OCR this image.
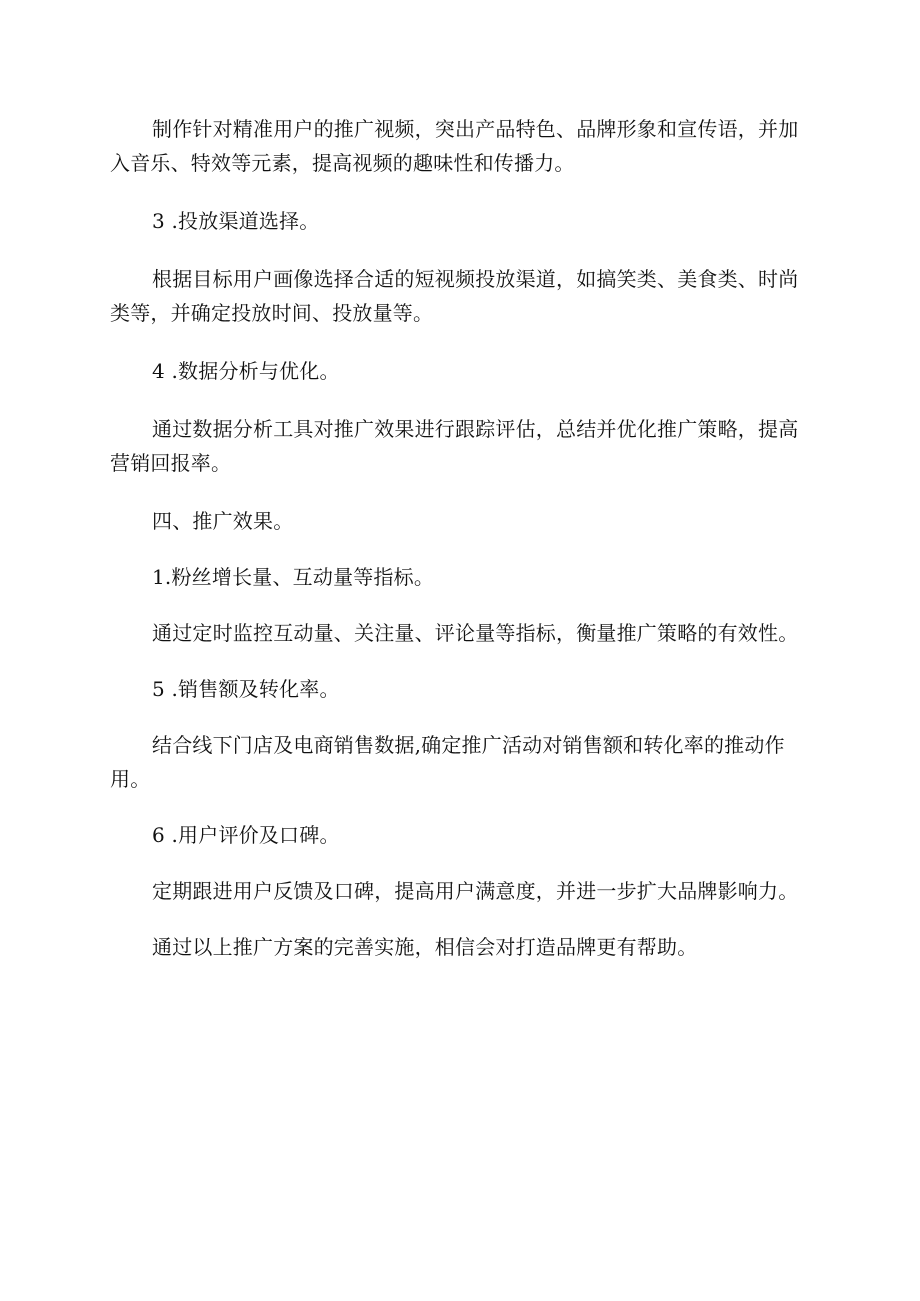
制作针对精准用户的推广视频，突出产品特色、品牌形象和宣传语，并加入音乐、特效等元素，提高视频的趣味性和传播力。

3 .投放渠道选择。

根据目标用户画像选择合适的短视频投放渠道，如搞笑类、美食类、时尚类等，并确定投放时间、投放量等。

4 .数据分析与优化。

通过数据分析工具对推广效果进行跟踪评估，总结并优化推广策略，提高营销回报率。

四、推广效果。

1.粉丝增长量、互动量等指标。

通过定时监控互动量、关注量、评论量等指标，衡量推广策略的有效性。

5 .销售额及转化率。

结合线下门店及电商销售数据,确定推广活动对销售额和转化率的推动作用。

6 .用户评价及口碑。

定期跟进用户反馈及口碑，提高用户满意度，并进一步扩大品牌影响力。

通过以上推广方案的完善实施，相信会对打造品牌更有帮助。
